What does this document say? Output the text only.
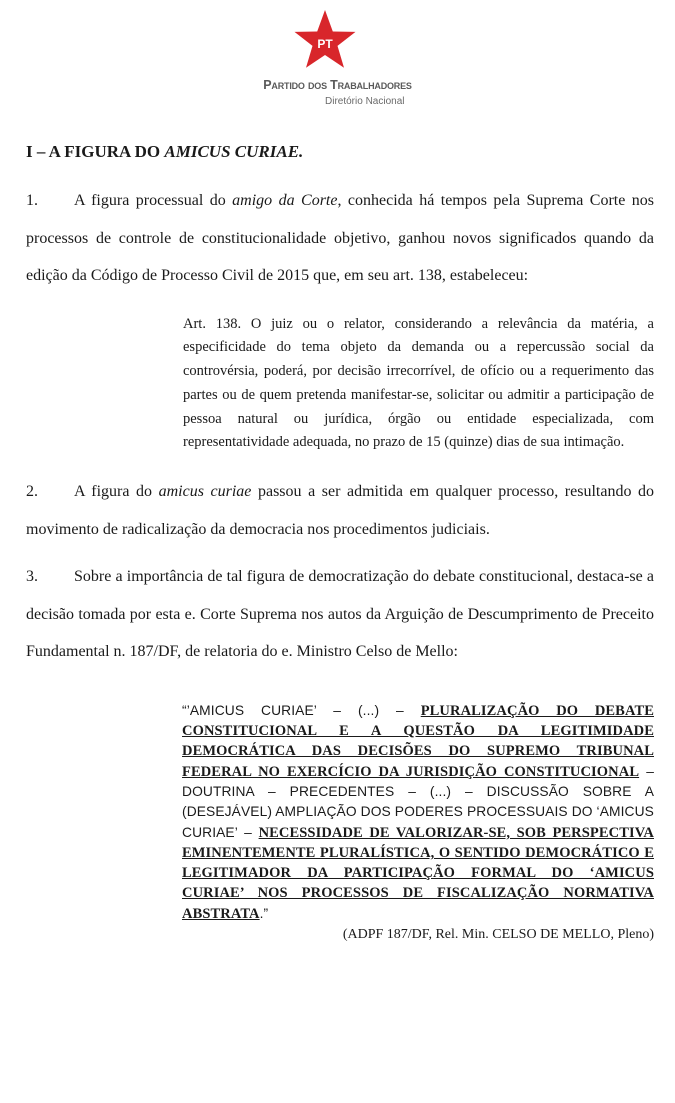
PT
Partido dos Trabalhadores
Diretório Nacional

I – A FIGURA DO AMICUS CURIAE.

1. A figura processual do amigo da Corte, conhecida há tempos pela Suprema Corte nos processos de controle de constitucionalidade objetivo, ganhou novos significados quando da edição da Código de Processo Civil de 2015 que, em seu art. 138, estabeleceu:

Art. 138. O juiz ou o relator, considerando a relevância da matéria, a especificidade do tema objeto da demanda ou a repercussão social da controvérsia, poderá, por decisão irrecorrível, de ofício ou a requerimento das partes ou de quem pretenda manifestar-se, solicitar ou admitir a participação de pessoa natural ou jurídica, órgão ou entidade especializada, com representatividade adequada, no prazo de 15 (quinze) dias de sua intimação.

2. A figura do amicus curiae passou a ser admitida em qualquer processo, resultando do movimento de radicalização da democracia nos procedimentos judiciais.

3. Sobre a importância de tal figura de democratização do debate constitucional, destaca-se a decisão tomada por esta e. Corte Suprema nos autos da Arguição de Descumprimento de Preceito Fundamental n. 187/DF, de relatoria do e. Ministro Celso de Mello:

“’AMICUS CURIAE’ – (...) – PLURALIZAÇÃO DO DEBATE CONSTITUCIONAL E A QUESTÃO DA LEGITIMIDADE DEMOCRÁTICA DAS DECISÕES DO SUPREMO TRIBUNAL FEDERAL NO EXERCÍCIO DA JURISDIÇÃO CONSTITUCIONAL – DOUTRINA – PRECEDENTES – (...) – DISCUSSÃO SOBRE A (DESEJÁVEL) AMPLIAÇÃO DOS PODERES PROCESSUAIS DO ‘AMICUS CURIAE’ – NECESSIDADE DE VALORIZAR-SE, SOB PERSPECTIVA EMINENTEMENTE PLURALÍSTICA, O SENTIDO DEMOCRÁTICO E LEGITIMADOR DA PARTICIPAÇÃO FORMAL DO ‘AMICUS CURIAE’ NOS PROCESSOS DE FISCALIZAÇÃO NORMATIVA ABSTRATA.”
(ADPF 187/DF, Rel. Min. CELSO DE MELLO, Pleno)
